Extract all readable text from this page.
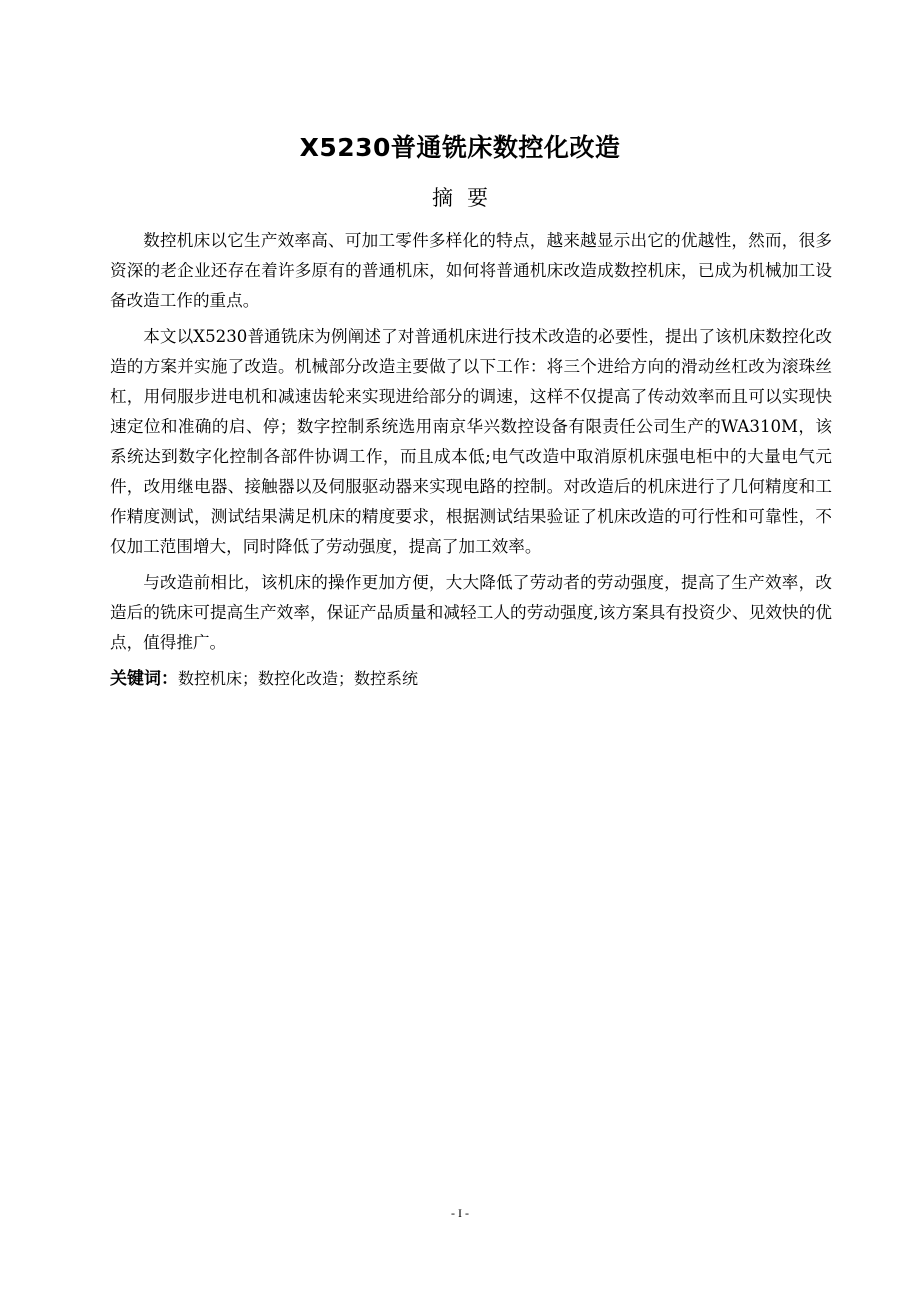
X5230普通铣床数控化改造
摘要

数控机床以它生产效率高、可加工零件多样化的特点，越来越显示出它的优越性，然而，很多资深的老企业还存在着许多原有的普通机床，如何将普通机床改造成数控机床，已成为机械加工设备改造工作的重点。

本文以X5230普通铣床为例阐述了对普通机床进行技术改造的必要性，提出了该机床数控化改造的方案并实施了改造。机械部分改造主要做了以下工作：将三个进给方向的滑动丝杠改为滚珠丝杠，用伺服步进电机和减速齿轮来实现进给部分的调速，这样不仅提高了传动效率而且可以实现快速定位和准确的启、停；数字控制系统选用南京华兴数控设备有限责任公司生产的WA310M，该系统达到数字化控制各部件协调工作，而且成本低;电气改造中取消原机床强电柜中的大量电气元件，改用继电器、接触器以及伺服驱动器来实现电路的控制。对改造后的机床进行了几何精度和工作精度测试，测试结果满足机床的精度要求，根据测试结果验证了机床改造的可行性和可靠性，不仅加工范围增大，同时降低了劳动强度，提高了加工效率。

与改造前相比，该机床的操作更加方便，大大降低了劳动者的劳动强度，提高了生产效率，改造后的铣床可提高生产效率，保证产品质量和减轻工人的劳动强度,该方案具有投资少、见效快的优点，值得推广。

关键词：数控机床；数控化改造；数控系统

- I -
